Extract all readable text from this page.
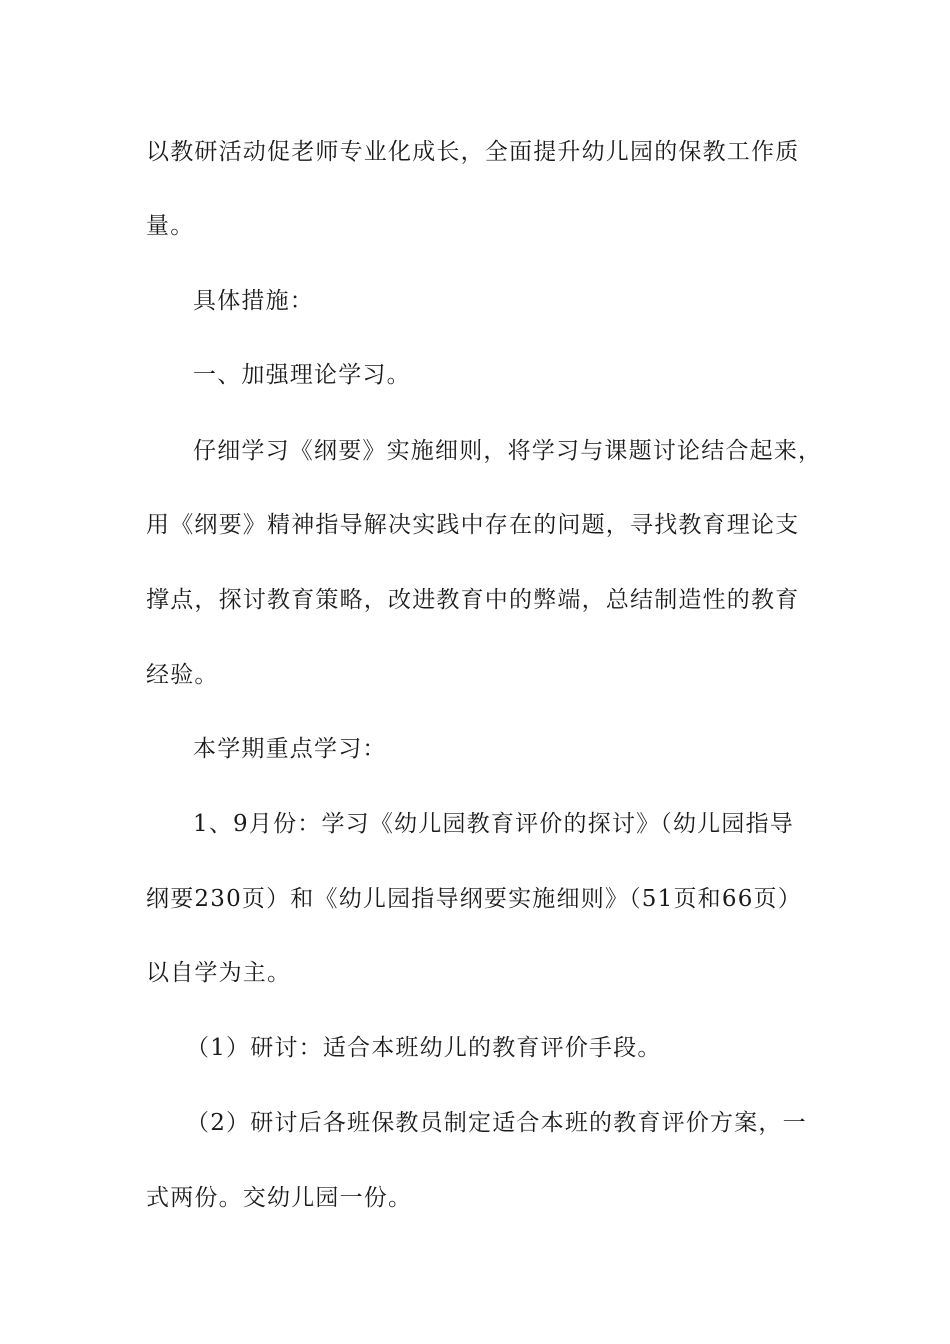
以教研活动促老师专业化成长，全面提升幼儿园的保教工作质
量。
具体措施：
一、加强理论学习。
仔细学习《纲要》实施细则，将学习与课题讨论结合起来，
用《纲要》精神指导解决实践中存在的问题，寻找教育理论支
撑点，探讨教育策略，改进教育中的弊端，总结制造性的教育
经验。
本学期重点学习：
1、9月份：学习《幼儿园教育评价的探讨》（幼儿园指导
纲要230页）和《幼儿园指导纲要实施细则》（51页和66页）
以自学为主。
（1）研讨：适合本班幼儿的教育评价手段。
（2）研讨后各班保教员制定适合本班的教育评价方案，一
式两份。交幼儿园一份。
